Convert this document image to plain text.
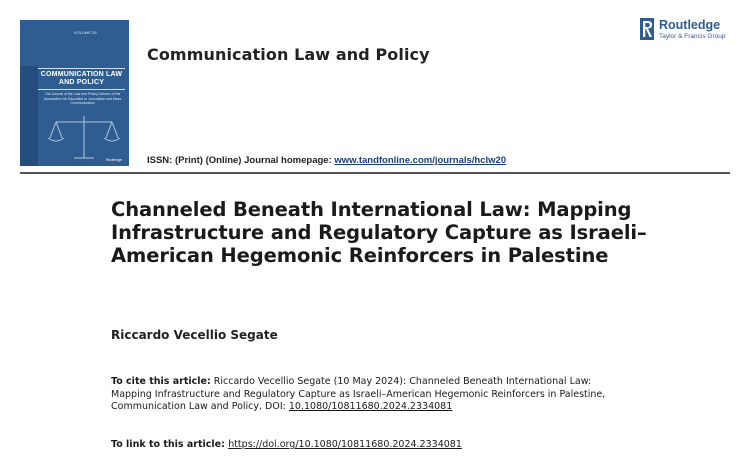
VOLUME 29
COMMUNICATION LAW AND POLICY
The Journal of the Law and Policy Division of the Association for Education in Journalism and Mass Communication
Routledge
Communication Law and Policy
ISSN: (Print) (Online) Journal homepage: www.tandfonline.com/journals/hclw20
Routledge
Taylor & Francis Group
Channeled Beneath International Law: Mapping Infrastructure and Regulatory Capture as Israeli–American Hegemonic Reinforcers in Palestine
Riccardo Vecellio Segate
To cite this article: Riccardo Vecellio Segate (10 May 2024): Channeled Beneath International Law: Mapping Infrastructure and Regulatory Capture as Israeli–American Hegemonic Reinforcers in Palestine, Communication Law and Policy, DOI: 10.1080/10811680.2024.2334081
To link to this article: https://doi.org/10.1080/10811680.2024.2334081
